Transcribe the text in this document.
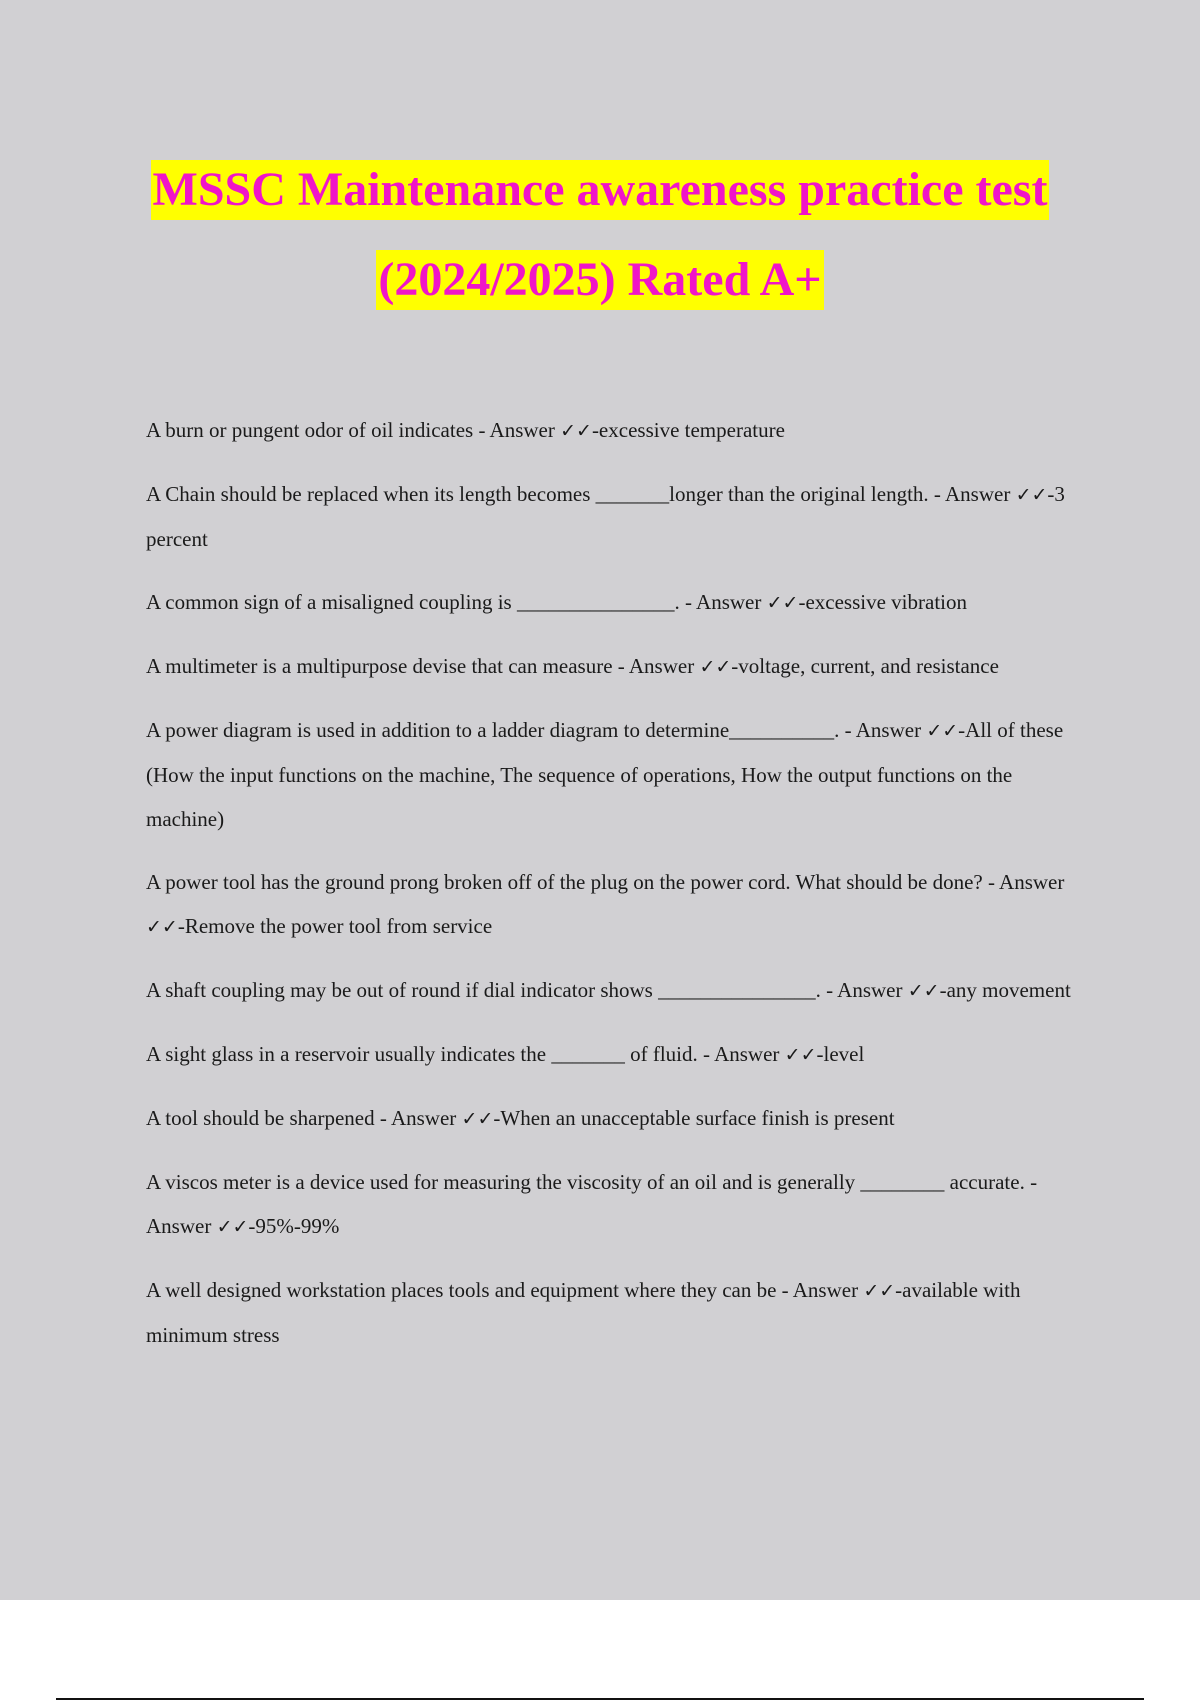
MSSC Maintenance awareness practice test
(2024/2025) Rated A+

A burn or pungent odor of oil indicates - Answer ✓✓-excessive temperature

A Chain should be replaced when its length becomes _______longer than the original length. - Answer ✓✓-3 percent

A common sign of a misaligned coupling is _______________. - Answer ✓✓-excessive vibration

A multimeter is a multipurpose devise that can measure - Answer ✓✓-voltage, current, and resistance

A power diagram is used in addition to a ladder diagram to determine__________. - Answer ✓✓-All of these (How the input functions on the machine, The sequence of operations, How the output functions on the machine)

A power tool has the ground prong broken off of the plug on the power cord. What should be done? - Answer ✓✓-Remove the power tool from service

A shaft coupling may be out of round if dial indicator shows _______________. - Answer ✓✓-any movement

A sight glass in a reservoir usually indicates the _______ of fluid. - Answer ✓✓-level

A tool should be sharpened - Answer ✓✓-When an unacceptable surface finish is present

A viscos meter is a device used for measuring the viscosity of an oil and is generally ________ accurate. - Answer ✓✓-95%-99%

A well designed workstation places tools and equipment where they can be - Answer ✓✓-available with minimum stress
